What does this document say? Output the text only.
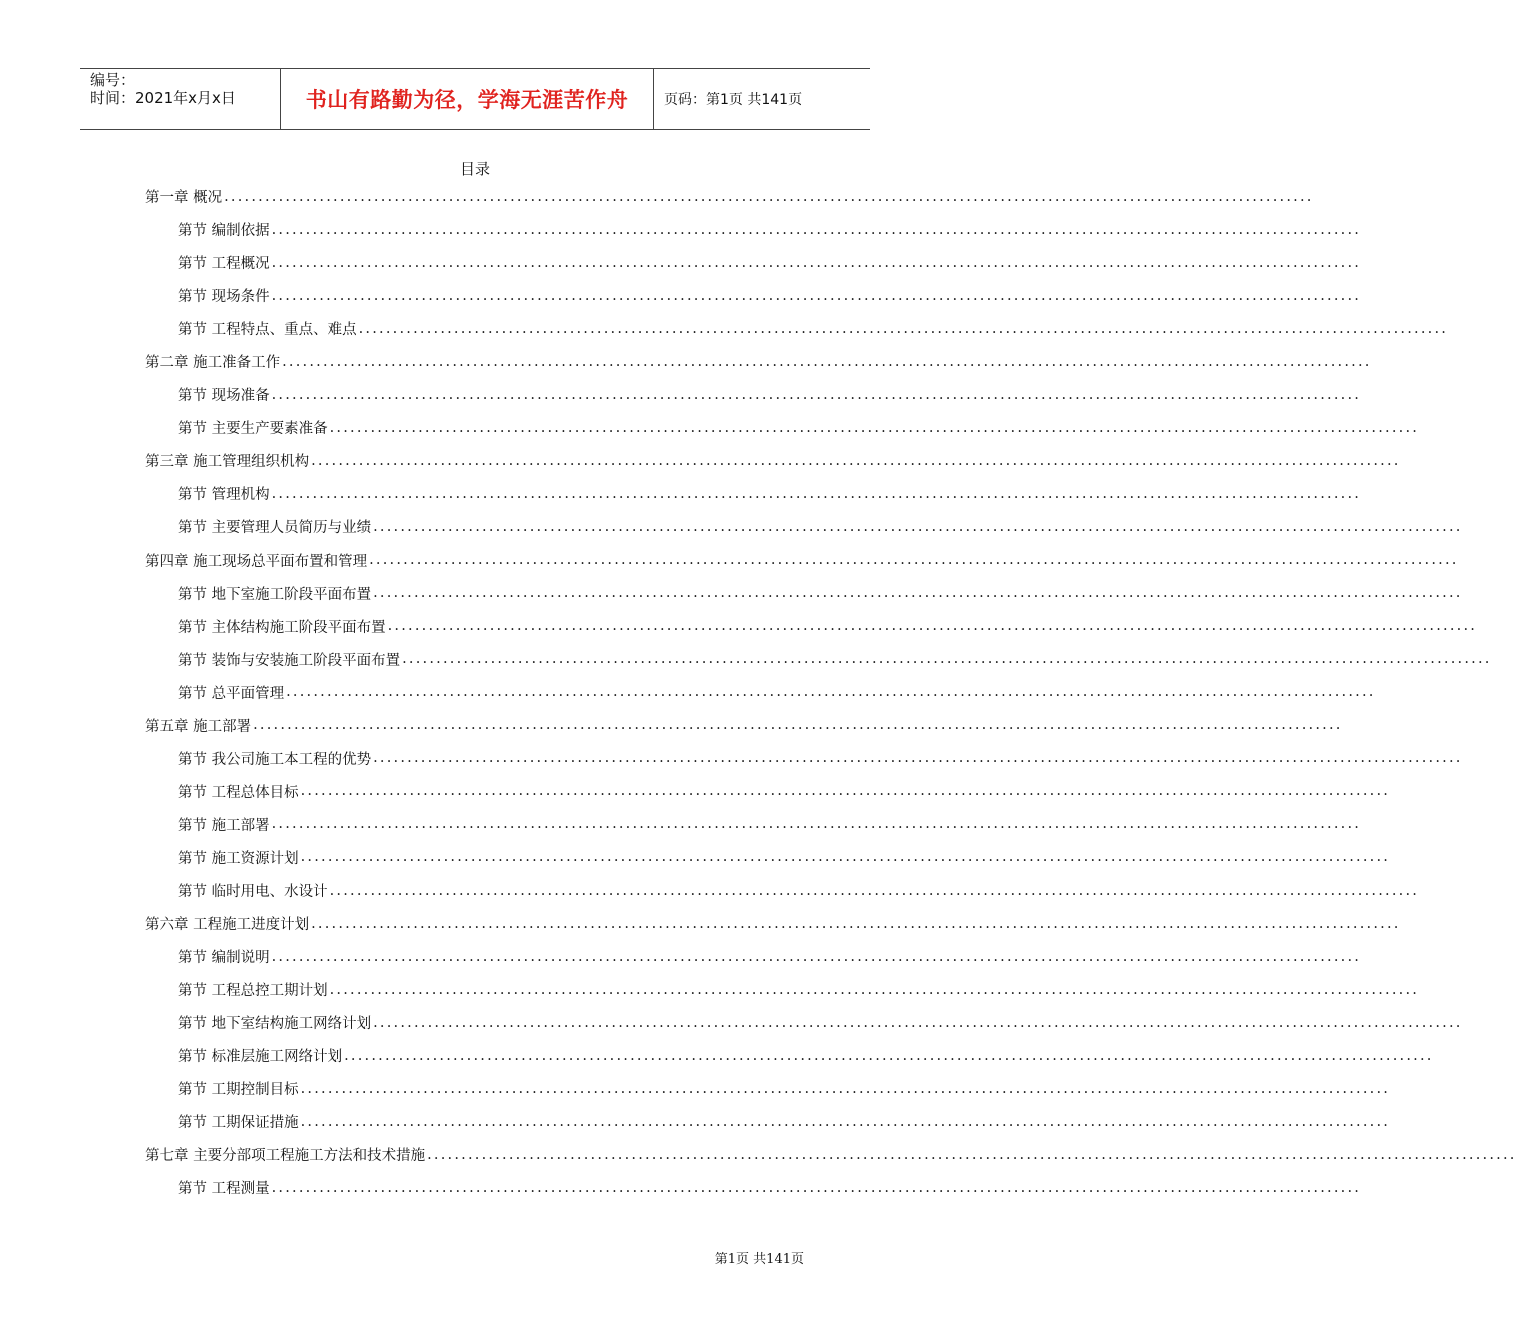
编号：
时间：2021年x月x日	书山有路勤为径，学海无涯苦作舟	页码：第1页 共141页
目录
第一章 概况 ................................................................................................................................................................
第节 编制依据 ................................................................................................................................................................
第节 工程概况 ................................................................................................................................................................
第节 现场条件 ................................................................................................................................................................
第节 工程特点、重点、难点 ................................................................................................................................................................
第二章 施工准备工作 ................................................................................................................................................................
第节 现场准备 ................................................................................................................................................................
第节 主要生产要素准备 ................................................................................................................................................................
第三章 施工管理组织机构 ................................................................................................................................................................
第节 管理机构 ................................................................................................................................................................
第节 主要管理人员简历与业绩 ................................................................................................................................................................
第四章 施工现场总平面布置和管理 ................................................................................................................................................................
第节 地下室施工阶段平面布置 ................................................................................................................................................................
第节 主体结构施工阶段平面布置 ................................................................................................................................................................
第节 装饰与安装施工阶段平面布置 ................................................................................................................................................................
第节 总平面管理 ................................................................................................................................................................
第五章 施工部署 ................................................................................................................................................................
第节 我公司施工本工程的优势 ................................................................................................................................................................
第节 工程总体目标 ................................................................................................................................................................
第节 施工部署 ................................................................................................................................................................
第节 施工资源计划 ................................................................................................................................................................
第节 临时用电、水设计 ................................................................................................................................................................
第六章 工程施工进度计划 ................................................................................................................................................................
第节 编制说明 ................................................................................................................................................................
第节 工程总控工期计划 ................................................................................................................................................................
第节 地下室结构施工网络计划 ................................................................................................................................................................
第节 标准层施工网络计划 ................................................................................................................................................................
第节 工期控制目标 ................................................................................................................................................................
第节 工期保证措施 ................................................................................................................................................................
第七章 主要分部项工程施工方法和技术措施 ................................................................................................................................................................
第节 工程测量 ................................................................................................................................................................
第1页 共141页
